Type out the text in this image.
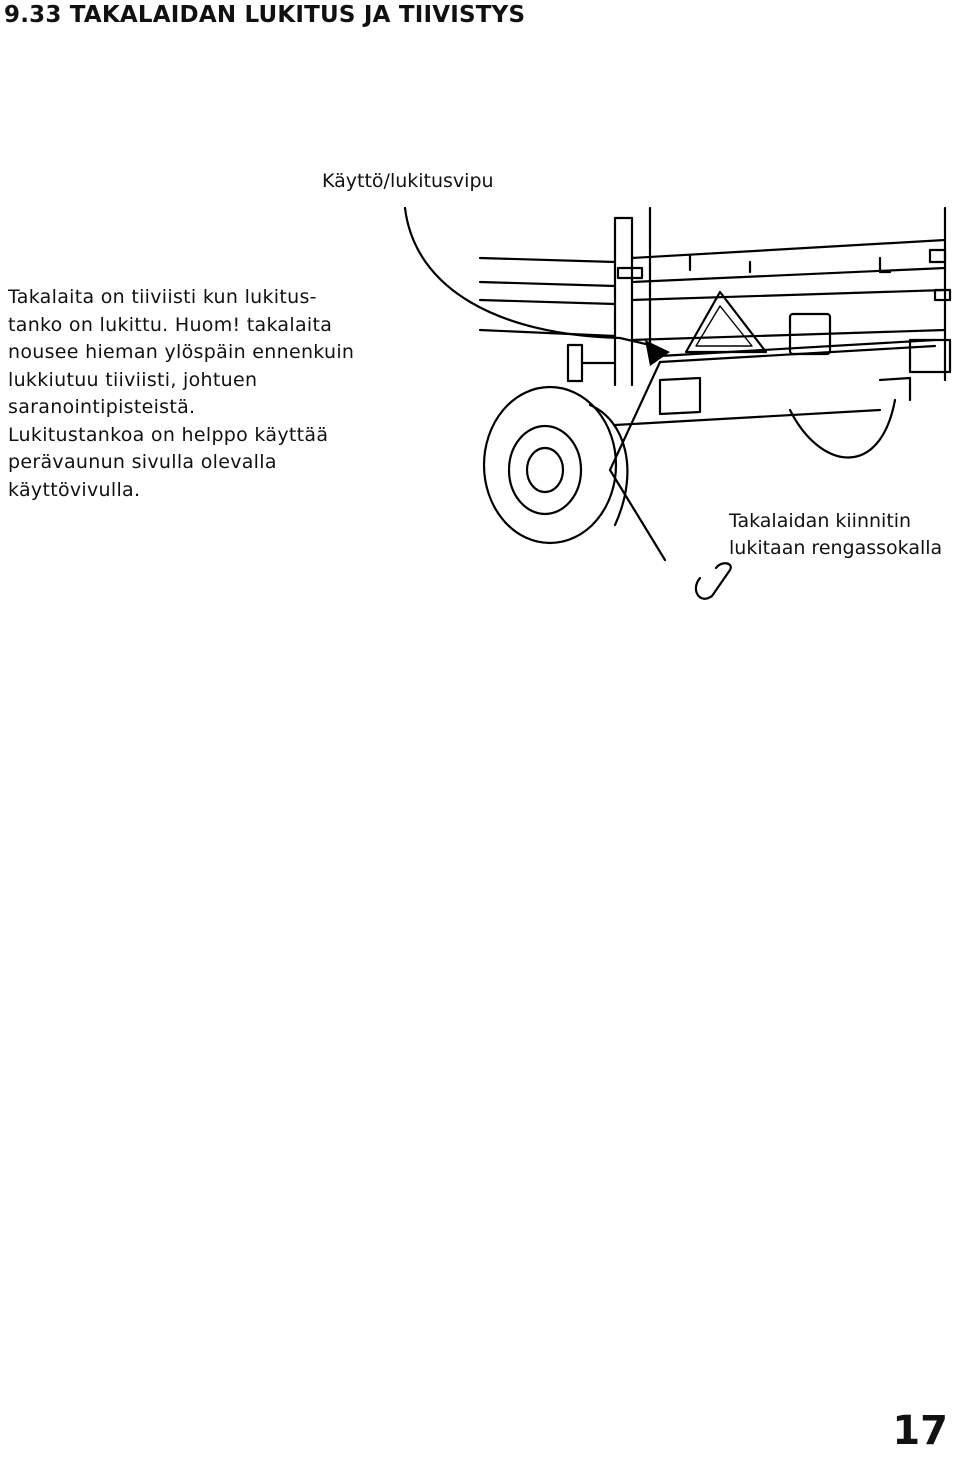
9.33 TAKALAIDAN LUKITUS JA TIIVISTYS
Käyttö/lukitusvipu
Takalaita on tiiviisti kun lukitus-
tanko on lukittu. Huom! takalaita
nousee hieman ylöspäin ennenkuin
lukkiutuu tiiviisti, johtuen
saranointipisteistä.
Lukitustankoa on helppo käyttää
perävaunun sivulla olevalla
käyttövivulla.
Takalaidan kiinnitin
lukitaan rengassokalla
17
